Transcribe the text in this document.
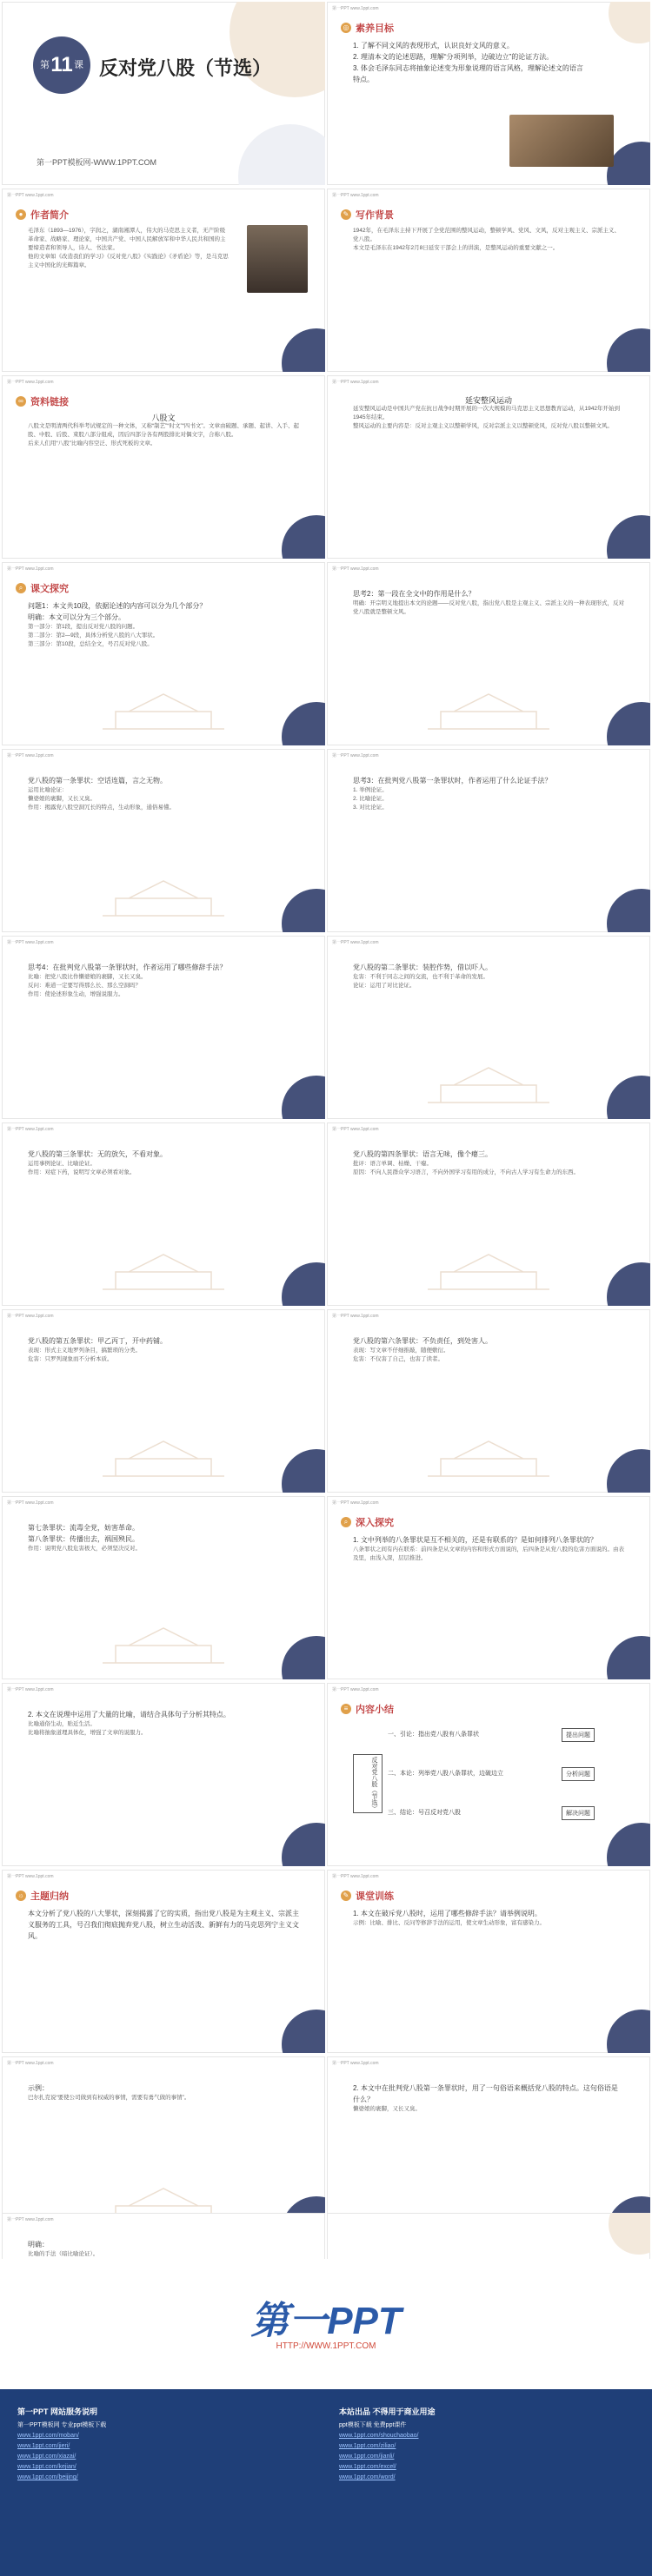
第 11 课 反对党八股（节选）
第一PPT模板网-WWW.1PPT.COM
第一PPT www.1ppt.com
◎ 素养目标
1. 了解不同文风的表现形式，认识良好文风的意义。
2. 理清本文的论述思路，理解“分项列举，边破边立”的论证方法。
3. 体会毛泽东同志将抽象论述变为形象说理的语言风格，理解论述文的语言特点。
第一PPT www.1ppt.com
● 作者简介
毛泽东（1893—1976），字润之，湖南湘潭人，伟大的马克思主义者，无产阶级革命家、战略家、理论家，中国共产党、中国人民解放军和中华人民共和国的主要缔造者和领导人，诗人、书法家。
他的文章如《改造我们的学习》《反对党八股》《实践论》《矛盾论》等，是马克思主义中国化的光辉篇章。
第一PPT www.1ppt.com
✎ 写作背景
1942年，在毛泽东主持下开展了全党范围的整风运动，整顿学风、党风、文风，反对主观主义、宗派主义、党八股。
本文是毛泽东在1942年2月8日延安干部会上的讲演，是整风运动的重要文献之一。
第一PPT www.1ppt.com
∞ 资料链接
八股文
八股文是明清两代科举考试规定的一种文体，又称“制艺”“时文”“四书文”。文章由破题、承题、起讲、入手、起股、中股、后股、束股八部分组成，因后四部分各有两股排比对偶文字，合称八股。
后来人们用“八股”比喻内容空泛、形式死板的文章。
第一PPT www.1ppt.com
延安整风运动
延安整风运动是中国共产党在抗日战争时期开展的一次大规模的马克思主义思想教育运动，从1942年开始到1945年结束。
整风运动的主要内容是：反对主观主义以整顿学风，反对宗派主义以整顿党风，反对党八股以整顿文风。
第一PPT www.1ppt.com
⌕ 课文探究
问题1：本文共10段，依据论述的内容可以分为几个部分？
明确：本文可以分为三个部分。
第一部分：第1段，提出反对党八股的问题。
第二部分：第2—9段，具体分析党八股的八大罪状。
第三部分：第10段，总结全文，号召反对党八股。
第一PPT www.1ppt.com
思考2：第一段在全文中的作用是什么？
明确：开宗明义地提出本文的论题——反对党八股，指出党八股是主观主义、宗派主义的一种表现形式，反对党八股就是整顿文风。
第一PPT www.1ppt.com
党八股的第一条罪状：空话连篇，言之无物。
运用比喻论证：
懒婆娘的裹脚，又长又臭。
作用：揭露党八股空洞冗长的特点，生动形象，通俗易懂。
第一PPT www.1ppt.com
思考3：在批判党八股第一条罪状时，作者运用了什么论证手法？
1. 举例论证。
2. 比喻论证。
3. 对比论证。
第一PPT www.1ppt.com
思考4：在批判党八股第一条罪状时，作者运用了哪些修辞手法？
比喻：把党八股比作懒婆娘的裹脚，又长又臭。
反问：难道一定要写得那么长、那么空洞吗？
作用：使论述形象生动，增强说服力。
第一PPT www.1ppt.com
党八股的第二条罪状：装腔作势，借以吓人。
危害：不利于同志之间的交流，也不利于革命的发展。
论证：运用了对比论证。
第一PPT www.1ppt.com
党八股的第三条罪状：无的放矢，不看对象。
运用事例论证、比喻论证。
作用：对症下药，说明写文章必须看对象。
第一PPT www.1ppt.com
党八股的第四条罪状：语言无味，像个瘪三。
批评：语言单调、枯燥、干瘪。
原因：不向人民群众学习语言，不向外国学习有用的成分，不向古人学习有生命力的东西。
第一PPT www.1ppt.com
党八股的第五条罪状：甲乙丙丁，开中药铺。
表现：形式主义地罗列条目，搞繁琐的分类。
危害：只罗列现象而不分析本质。
第一PPT www.1ppt.com
党八股的第六条罪状：不负责任，到处害人。
表现：写文章不仔细推敲，随便敷衍。
危害：不仅害了自己，也害了读者。
第一PPT www.1ppt.com
第七条罪状：流毒全党，妨害革命。
第八条罪状：传播出去，祸国殃民。
作用：说明党八股危害极大，必须坚决反对。
第一PPT www.1ppt.com
⌕ 深入探究
1. 文中列举的八条罪状是互不相关的，还是有联系的？是如何排列八条罪状的？
八条罪状之间有内在联系：前四条是从文章的内容和形式方面说的，后四条是从党八股的危害方面说的。由表及里，由浅入深，层层推进。
第一PPT www.1ppt.com
2. 本文在说理中运用了大量的比喻，请结合具体句子分析其特点。
比喻通俗生动，贴近生活。
比喻将抽象道理具体化，增强了文章的说服力。
第一PPT www.1ppt.com
≡ 内容小结
反对党八股（节选）
一、引论：指出党八股有八条罪状
二、本论：列举党八股八条罪状，边破边立
三、结论：号召反对党八股
提出问题
分析问题
解决问题
第一PPT www.1ppt.com
☼ 主题归纳
本文分析了党八股的八大罪状，深刻揭露了它的实质，指出党八股是为主观主义、宗派主义服务的工具，号召我们彻底抛弃党八股，树立生动活泼、新鲜有力的马克思列宁主义文风。
第一PPT www.1ppt.com
✎ 课堂训练
1. 本文在破斥党八股时，运用了哪些修辞手法？请举例说明。
示例：比喻、排比、反问等修辞手法的运用，使文章生动形象，富有感染力。
第一PPT www.1ppt.com
示例：
巴尔扎克说“要使公司做到有权威的事情，需要有勇气做的事情”。
第一PPT www.1ppt.com
2. 本文中在批判党八股第一条罪状时，用了一句俗语来概括党八股的特点。这句俗语是什么？
懒婆娘的裹脚，又长又臭。
第一PPT www.1ppt.com
明确：
比喻的手法（暗比喻论证）。
第一PPT
HTTP://WWW.1PPT.COM
第一PPT 网站服务说明
第一PPT模板网 专业ppt模板下载
www.1ppt.com/moban/
www.1ppt.com/jieri/
www.1ppt.com/xiazai/
www.1ppt.com/kejian/
www.1ppt.com/beijing/
本站出品 不得用于商业用途
ppt模板下载 免费ppt课件
www.1ppt.com/shouchaobao/
www.1ppt.com/ziliao/
www.1ppt.com/jianli/
www.1ppt.com/excel/
www.1ppt.com/word/
